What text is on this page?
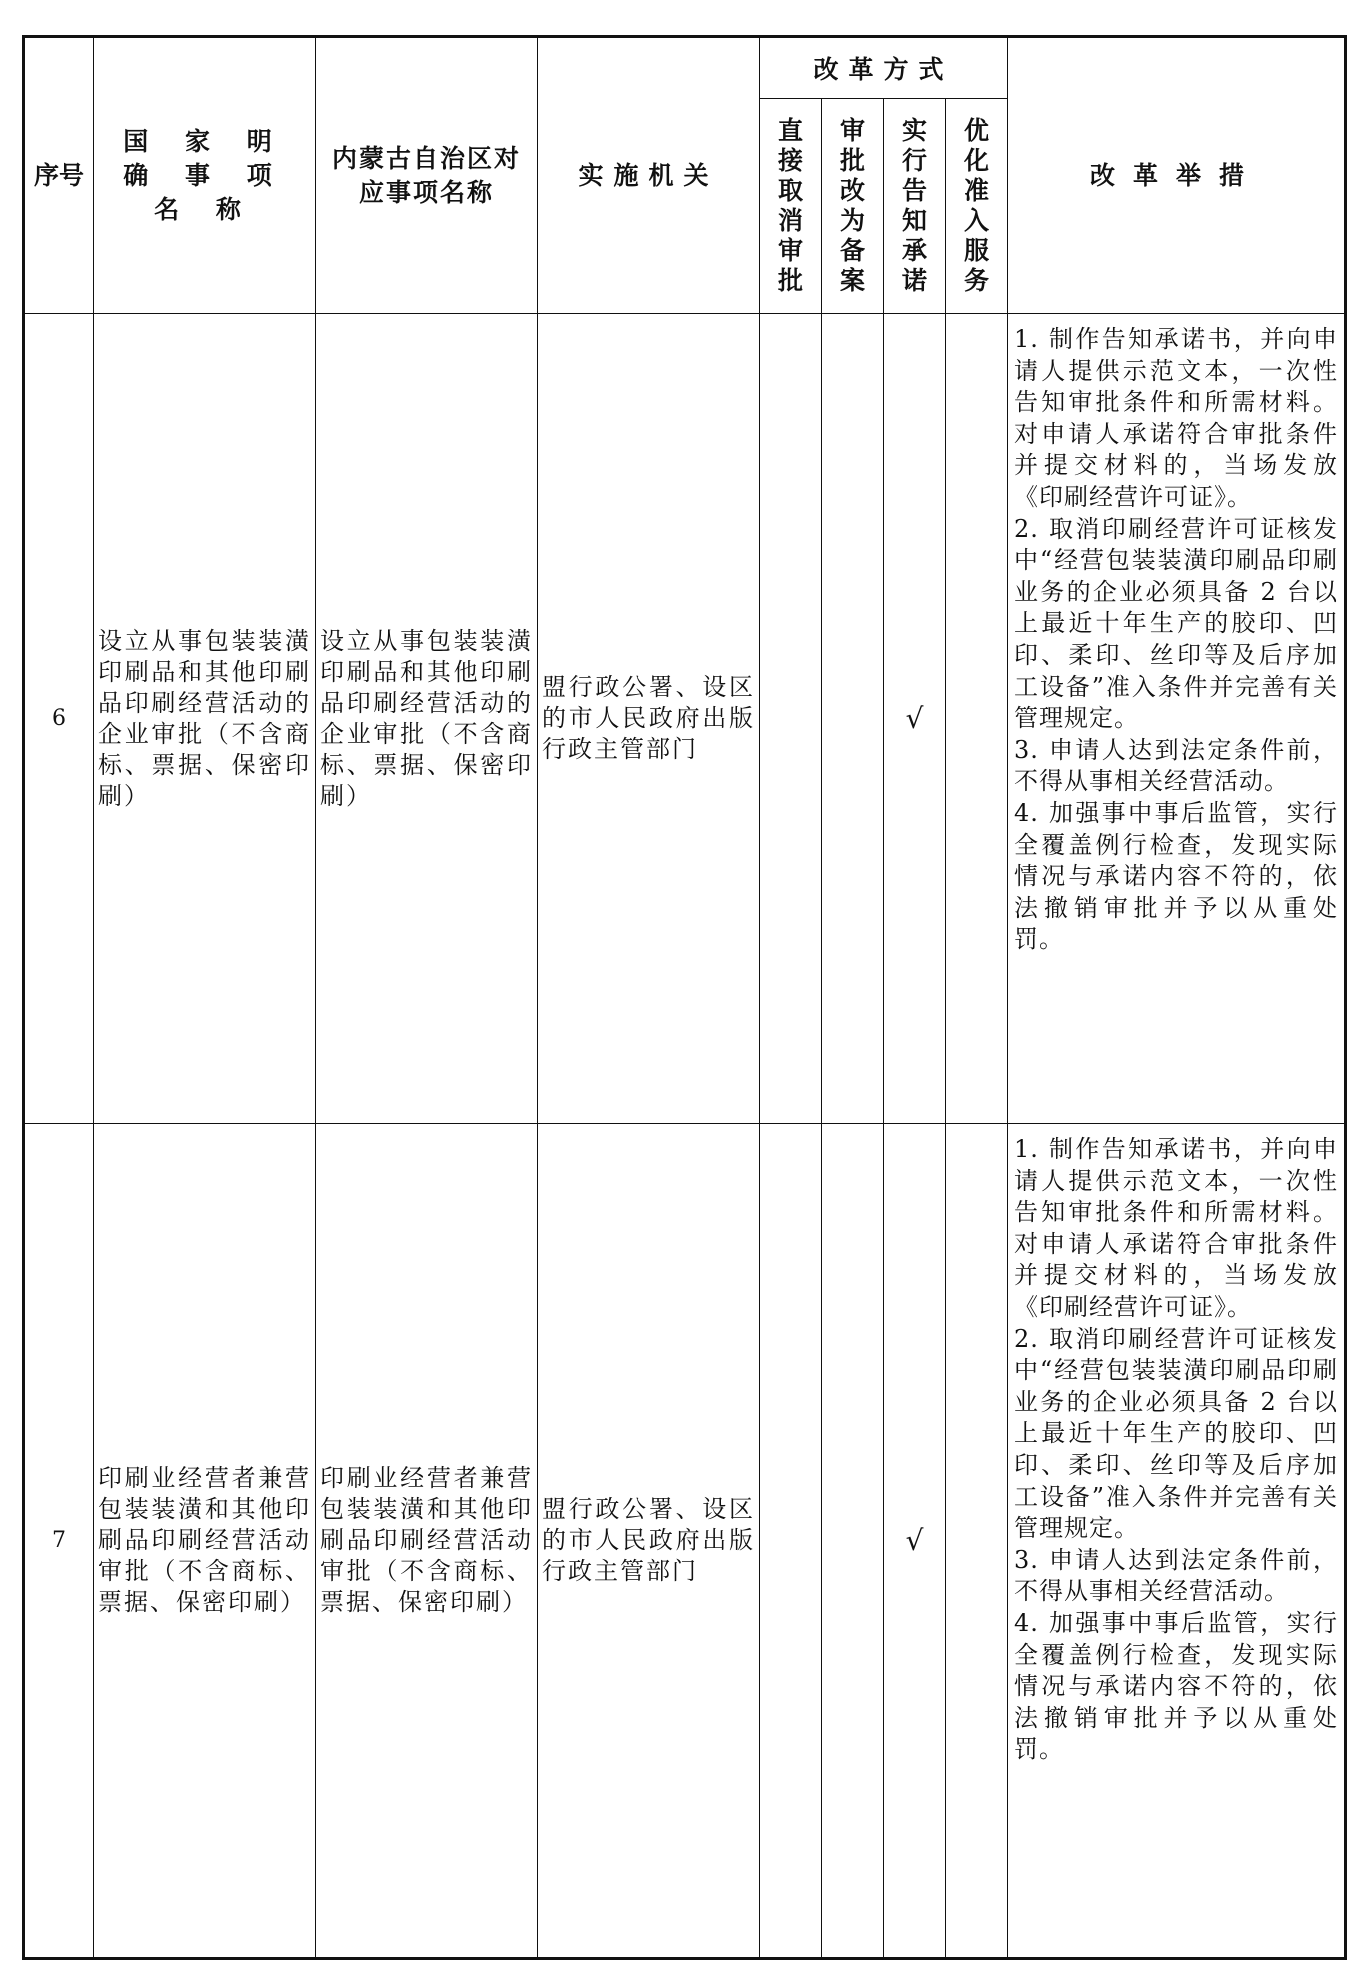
序号	国 家 明 确 事 项 名 称	内蒙古自治区对应事项名称	实施机关	改革方式				改革举措

				直接取消审批	审批改为备案	实行告知承诺	优化准入服务	

6	设立从事包装装潢印刷品和其他印刷品印刷经营活动的企业审批（不含商标、票据、保密印刷）	设立从事包装装潢印刷品和其他印刷品印刷经营活动的企业审批（不含商标、票据、保密印刷）	盟行政公署、设区的市人民政府出版行政主管部门			√		1. 制作告知承诺书，并向申请人提供示范文本，一次性告知审批条件和所需材料。对申请人承诺符合审批条件并提交材料的，当场发放《印刷经营许可证》。
2. 取消印刷经营许可证核发中“经营包装装潢印刷品印刷业务的企业必须具备 2 台以上最近十年生产的胶印、凹印、柔印、丝印等及后序加工设备”准入条件并完善有关管理规定。
3. 申请人达到法定条件前，不得从事相关经营活动。
4. 加强事中事后监管，实行全覆盖例行检查，发现实际情况与承诺内容不符的，依法撤销审批并予以从重处罚。

7	印刷业经营者兼营包装装潢和其他印刷品印刷经营活动审批（不含商标、票据、保密印刷）	印刷业经营者兼营包装装潢和其他印刷品印刷经营活动审批（不含商标、票据、保密印刷）	盟行政公署、设区的市人民政府出版行政主管部门			√		1. 制作告知承诺书，并向申请人提供示范文本，一次性告知审批条件和所需材料。对申请人承诺符合审批条件并提交材料的，当场发放《印刷经营许可证》。
2. 取消印刷经营许可证核发中“经营包装装潢印刷品印刷业务的企业必须具备 2 台以上最近十年生产的胶印、凹印、柔印、丝印等及后序加工设备”准入条件并完善有关管理规定。
3. 申请人达到法定条件前，不得从事相关经营活动。
4. 加强事中事后监管，实行全覆盖例行检查，发现实际情况与承诺内容不符的，依法撤销审批并予以从重处罚。
